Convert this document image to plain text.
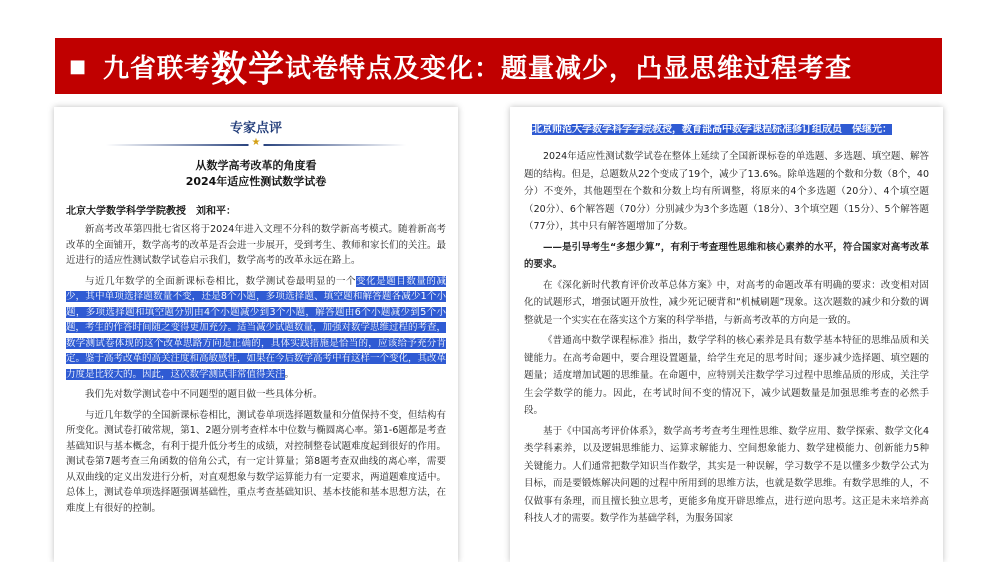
■ 九省联考 数学 试卷特点及变化：题量减少，凸显思维过程考查
专家点评
★
从数学高考改革的角度看
2024年适应性测试数学试卷
北京大学数学科学学院教授　刘和平：

新高考改革第四批七省区将于2024年进入文理不分科的数学新高考模式。随着新高考改革的全面铺开，数学高考的改革是否会进一步展开，受到考生、教师和家长们的关注。最近进行的适应性测试数学试卷启示我们，数学高考的改革永远在路上。

与近几年数学的全面新课标卷相比，数学测试卷最明显的一个变化是题目数量的减少，其中单项选择题数量不变，还是8个小题，多项选择题、填空题和解答题各减少1个小题，多项选择题和填空题分别由4个小题减少到3个小题，解答题由6个小题减少到5个小题，考生的作答时间随之变得更加充分。适当减少试题数量，加强对数学思维过程的考查，数学测试卷体现的这个改革思路方向是正确的，具体实践措施是恰当的，应该给予充分肯定。鉴于高考改革的高关注度和高敏感性，如果在今后数学高考中有这样一个变化，其改革力度是比较大的。因此，这次数学测试非常值得关注。

我们先对数学测试卷中不同题型的题目做一些具体分析。

与近几年数学的全国新课标卷相比，测试卷单项选择题数量和分值保持不变，但结构有所变化。测试卷打破常规，第1、2题分别考查样本中位数与椭圆离心率。第1-6题都是考查基础知识与基本概念，有利于提升低分考生的成绩，对控制整卷试题难度起到很好的作用。测试卷第7题考查三角函数的倍角公式，有一定计算量；第8题考查双曲线的离心率，需要从双曲线的定义出发进行分析，对直观想象与数学运算能力有一定要求，两道题难度适中。总体上，测试卷单项选择题强调基础性，重点考查基础知识、基本技能和基本思想方法，在难度上有很好的控制。

北京师范大学数学科学学院教授，教育部高中数学课程标准修订组成员　保继光：

2024年适应性测试数学试卷在整体上延续了全国新课标卷的单选题、多选题、填空题、解答题的结构。但是，总题数从22个变成了19个，减少了13.6%。除单选题的个数和分数（8个，40分）不变外，其他题型在个数和分数上均有所调整，将原来的4个多选题（20分）、4个填空题（20分）、6个解答题（70分）分别减少为3个多选题（18分）、3个填空题（15分）、5个解答题（77分），其中只有解答题增加了分数。

——是引导考生“多想少算”，有利于考查理性思维和核心素养的水平，符合国家对高考改革的要求。

在《深化新时代教育评价改革总体方案》中，对高考的命题改革有明确的要求：改变相对固化的试题形式，增强试题开放性，减少死记硬背和“机械刷题”现象。这次题数的减少和分数的调整就是一个实实在在落实这个方案的科学举措，与新高考改革的方向是一致的。

《普通高中数学课程标准》指出，数学学科的核心素养是具有数学基本特征的思维品质和关键能力。在高考命题中，要合理设置题量，给学生充足的思考时间；逐步减少选择题、填空题的题量；适度增加试题的思维量。在命题中，应特别关注数学学习过程中思维品质的形成，关注学生会学数学的能力。因此，在考试时间不变的情况下，减少试题数量是加强思维考查的必然手段。

基于《中国高考评价体系》，数学高考考查考生理性思维、数学应用、数学探索、数学文化4类学科素养，以及逻辑思维能力、运算求解能力、空间想象能力、数学建模能力、创新能力5种关键能力。人们通常把数学知识当作数学，其实是一种误解，学习数学不是以懂多少数学公式为目标，而是要锻炼解决问题的过程中所用到的思维方法，也就是数学思维。有数学思维的人，不仅做事有条理，而且擅长独立思考，更能多角度开辟思维点，进行逆向思考。这正是未来培养高科技人才的需要。数学作为基础学科，为服务国家
